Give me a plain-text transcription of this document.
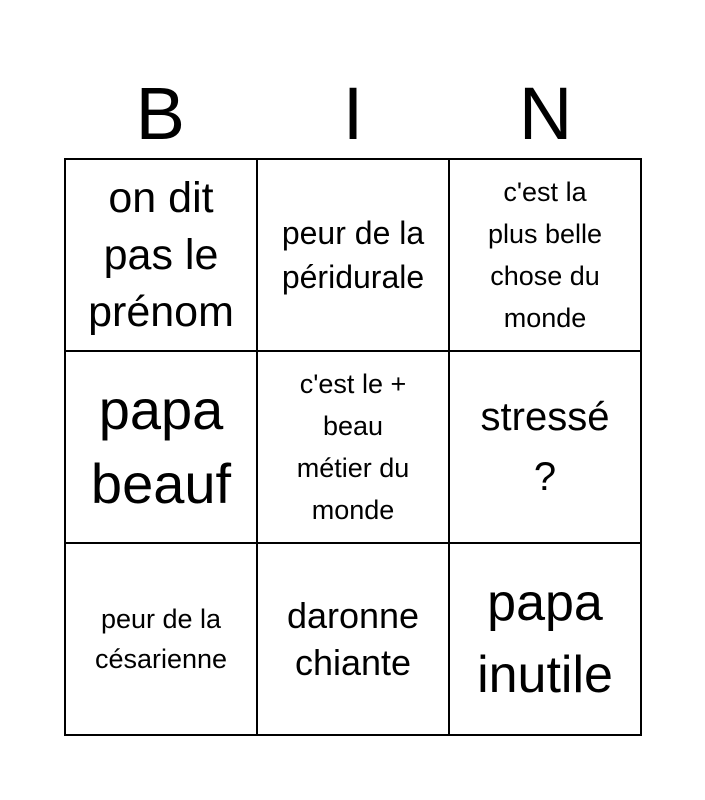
B	I	N
on dit
pas le
prénom
peur de la
péridurale
c'est la
plus belle
chose du
monde
papa
beauf
c'est le +
beau
métier du
monde
stressé
?
peur de la
césarienne
daronne
chiante
papa
inutile
